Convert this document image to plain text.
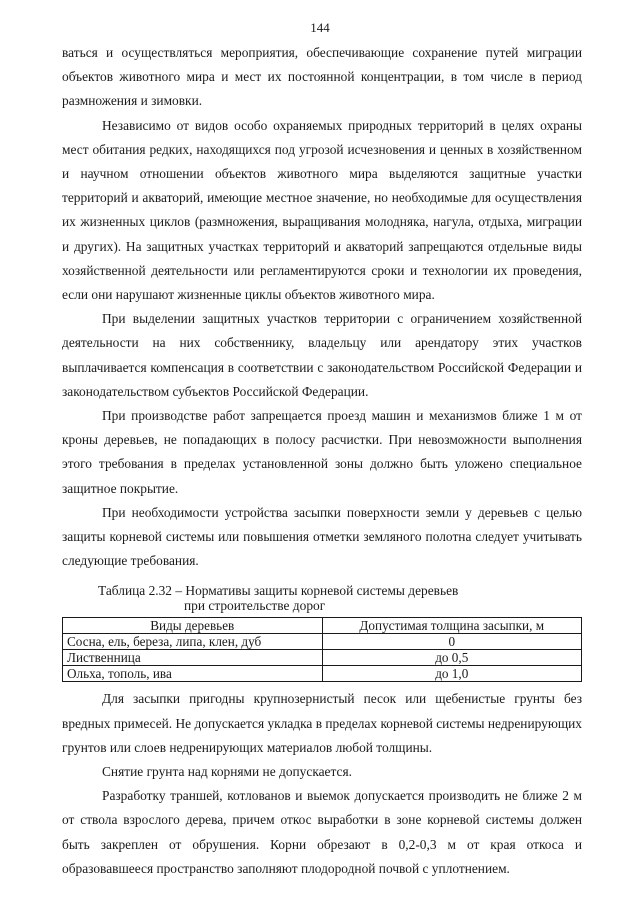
144

ваться и осуществляться мероприятия, обеспечивающие сохранение путей миграции объектов животного мира и мест их постоянной концентрации, в том числе в период размножения и зимовки.

Независимо от видов особо охраняемых природных территорий в целях охраны мест обитания редких, находящихся под угрозой исчезновения и ценных в хозяйственном и научном отношении объектов животного мира выделяются защитные участки территорий и акваторий, имеющие местное значение, но необходимые для осуществления их жизненных циклов (размножения, выращивания молодняка, нагула, отдыха, миграции и других). На защитных участках территорий и акваторий запрещаются отдельные виды хозяйственной деятельности или регламентируются сроки и технологии их проведения, если они нарушают жизненные циклы объектов животного мира.

При выделении защитных участков территории с ограничением хозяйственной деятельности на них собственнику, владельцу или арендатору этих участков выплачивается компенсация в соответствии с законодательством Российской Федерации и законодательством субъектов Российской Федерации.

При производстве работ запрещается проезд машин и механизмов ближе 1 м от кроны деревьев, не попадающих в полосу расчистки. При невозможности выполнения этого требования в пределах установленной зоны должно быть уложено специальное защитное покрытие.

При необходимости устройства засыпки поверхности земли у деревьев с целью защиты корневой системы или повышения отметки земляного полотна следует учитывать следующие требования.

Таблица 2.32 – Нормативы защиты корневой системы деревьев
при строительстве дорог
Виды деревьев	Допустимая толщина засыпки, м
Сосна, ель, береза, липа, клен, дуб	0
Лиственница	до 0,5
Ольха, тополь, ива	до 1,0

Для засыпки пригодны крупнозернистый песок или щебенистые грунты без вредных примесей. Не допускается укладка в пределах корневой системы недренирующих грунтов или слоев недренирующих материалов любой толщины.

Снятие грунта над корнями не допускается.

Разработку траншей, котлованов и выемок допускается производить не ближе 2 м от ствола взрослого дерева, причем откос выработки в зоне корневой системы должен быть закреплен от обрушения. Корни обрезают в 0,2-0,3 м от края откоса и образовавшееся пространство заполняют плодородной почвой с уплотнением.
